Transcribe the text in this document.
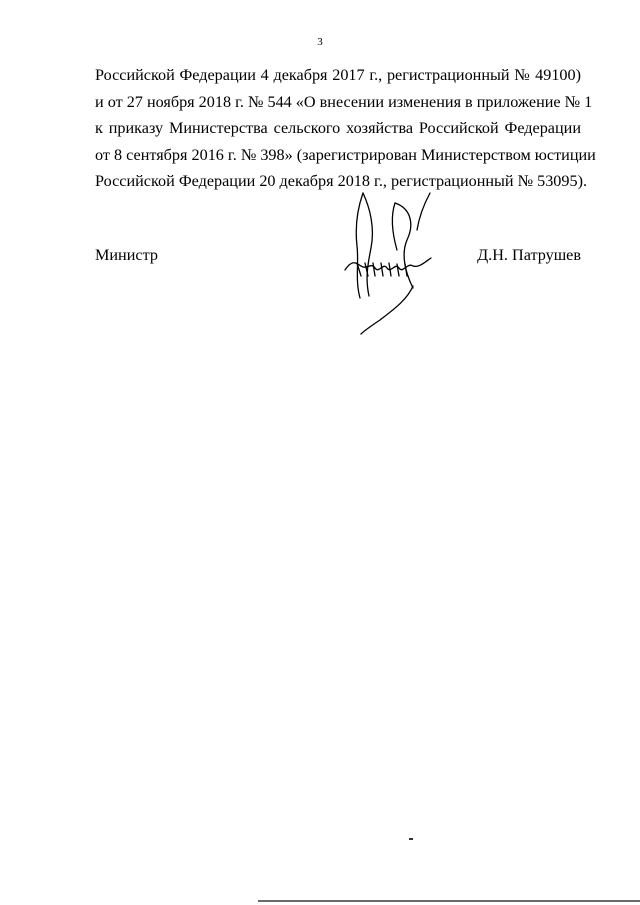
3
Российской Федерации 4 декабря 2017 г., регистрационный № 49100)
и от 27 ноября 2018 г. № 544 «О внесении изменения в приложение № 1
к приказу Министерства сельского хозяйства Российской Федерации
от 8 сентября 2016 г. № 398» (зарегистрирован Министерством юстиции
Российской Федерации 20 декабря 2018 г., регистрационный № 53095).
Министр	Д.Н. Патрушев
